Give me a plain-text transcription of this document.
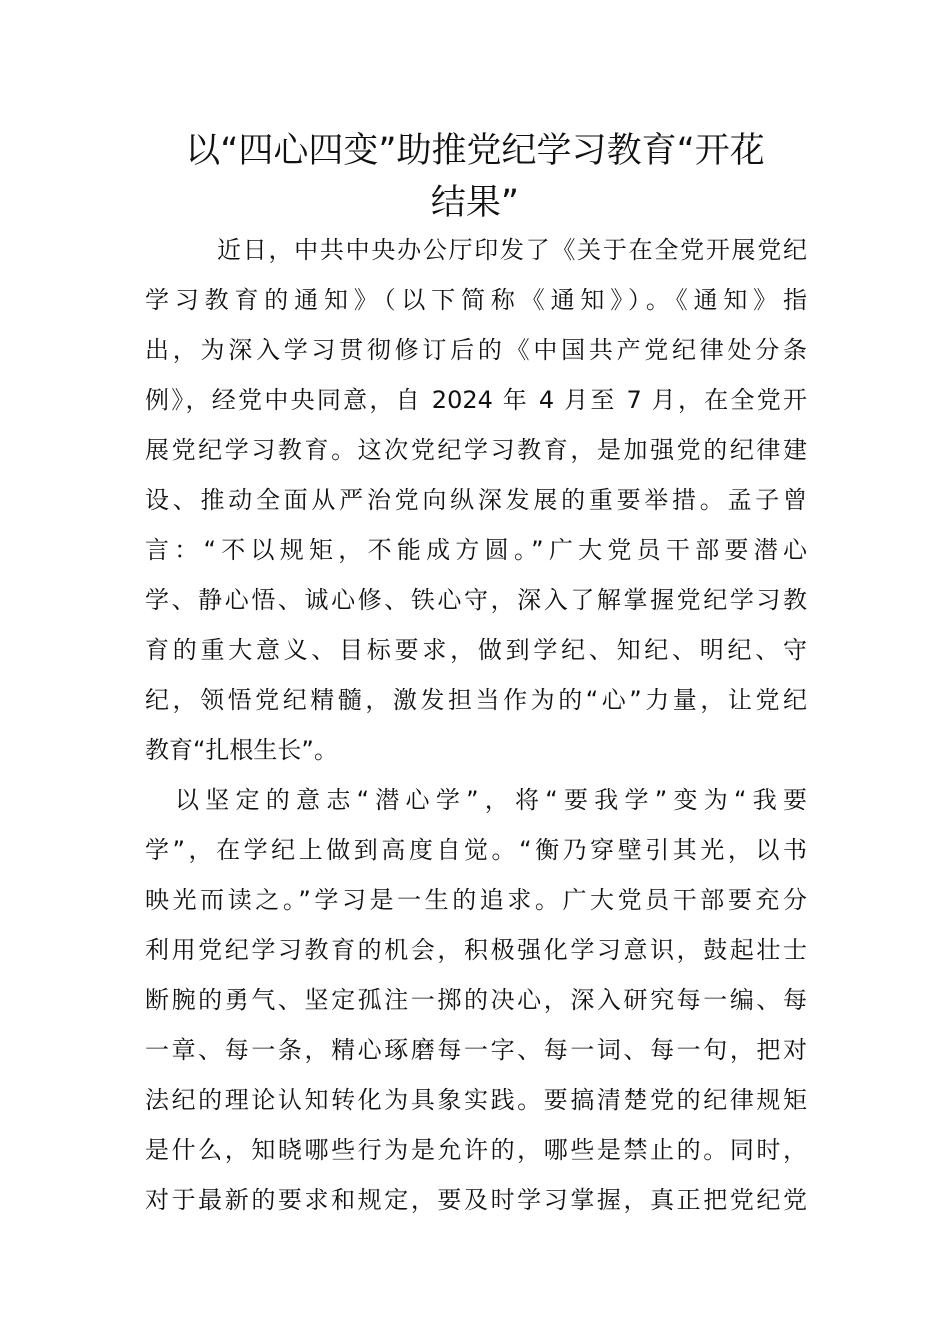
以“四心四变”助推党纪学习教育“开花
结果”
近日，中共中央办公厅印发了《关于在全党开展党纪
学习教育的通知》（以下简称《通知》）。《通知》指
出，为深入学习贯彻修订后的《中国共产党纪律处分条
例》，经党中央同意，自 2024 年 4 月至 7 月，在全党开
展党纪学习教育。这次党纪学习教育，是加强党的纪律建
设、推动全面从严治党向纵深发展的重要举措。孟子曾
言：“不以规矩，不能成方圆。”广大党员干部要潜心
学、静心悟、诚心修、铁心守，深入了解掌握党纪学习教
育的重大意义、目标要求，做到学纪、知纪、明纪、守
纪，领悟党纪精髓，激发担当作为的“心”力量，让党纪
教育“扎根生长”。
以坚定的意志“潜心学”，将“要我学”变为“我要
学”，在学纪上做到高度自觉。“衡乃穿壁引其光，以书
映光而读之。”学习是一生的追求。广大党员干部要充分
利用党纪学习教育的机会，积极强化学习意识，鼓起壮士
断腕的勇气、坚定孤注一掷的决心，深入研究每一编、每
一章、每一条，精心琢磨每一字、每一词、每一句，把对
法纪的理论认知转化为具象实践。要搞清楚党的纪律规矩
是什么，知晓哪些行为是允许的，哪些是禁止的。同时，
对于最新的要求和规定，要及时学习掌握，真正把党纪党
